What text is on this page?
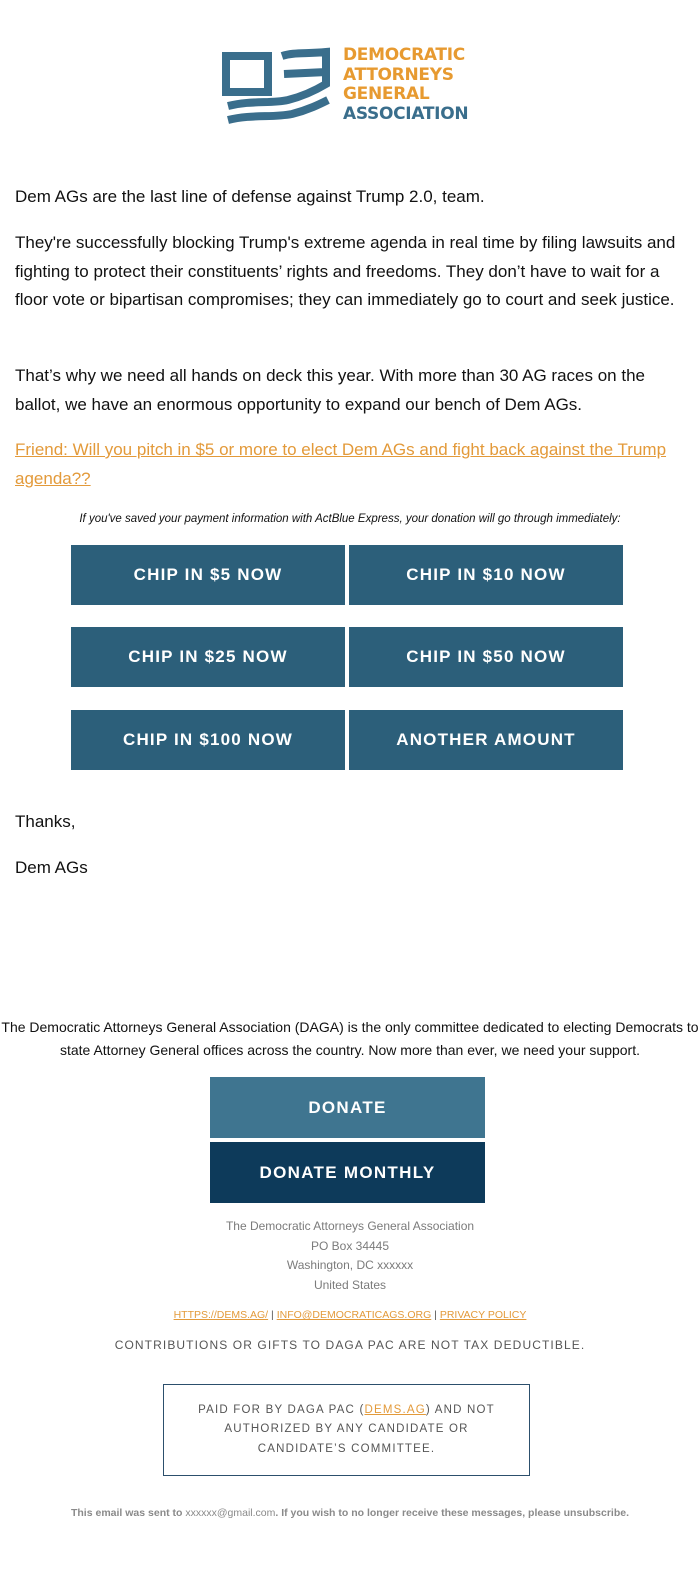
DEMOCRATIC
ATTORNEYS
GENERAL
ASSOCIATION

Dem AGs are the last line of defense against Trump 2.0, team.

They're successfully blocking Trump's extreme agenda in real time by filing lawsuits and fighting to protect their constituents’ rights and freedoms. They don’t have to wait for a floor vote or bipartisan compromises; they can immediately go to court and seek justice.

That’s why we need all hands on deck this year. With more than 30 AG races on the ballot, we have an enormous opportunity to expand our bench of Dem AGs.

Friend: Will you pitch in $5 or more to elect Dem AGs and fight back against the Trump agenda??

If you've saved your payment information with ActBlue Express, your donation will go through immediately:
CHIP IN $5 NOW	CHIP IN $10 NOW
CHIP IN $25 NOW	CHIP IN $50 NOW
CHIP IN $100 NOW	ANOTHER AMOUNT

Thanks,

Dem AGs

The Democratic Attorneys General Association (DAGA) is the only committee dedicated to electing Democrats to state Attorney General offices across the country. Now more than ever, we need your support.

DONATE
DONATE MONTHLY
The Democratic Attorneys General Association
PO Box 34445
Washington, DC xxxxxx
United States
HTTPS://DEMS.AG/ | INFO@DEMOCRATICAGS.ORG | PRIVACY POLICY
CONTRIBUTIONS OR GIFTS TO DAGA PAC ARE NOT TAX DEDUCTIBLE.
PAID FOR BY DAGA PAC (DEMS.AG) AND NOT AUTHORIZED BY ANY CANDIDATE OR CANDIDATE’S COMMITTEE.
This email was sent to xxxxxx@gmail.com. If you wish to no longer receive these messages, please unsubscribe.
